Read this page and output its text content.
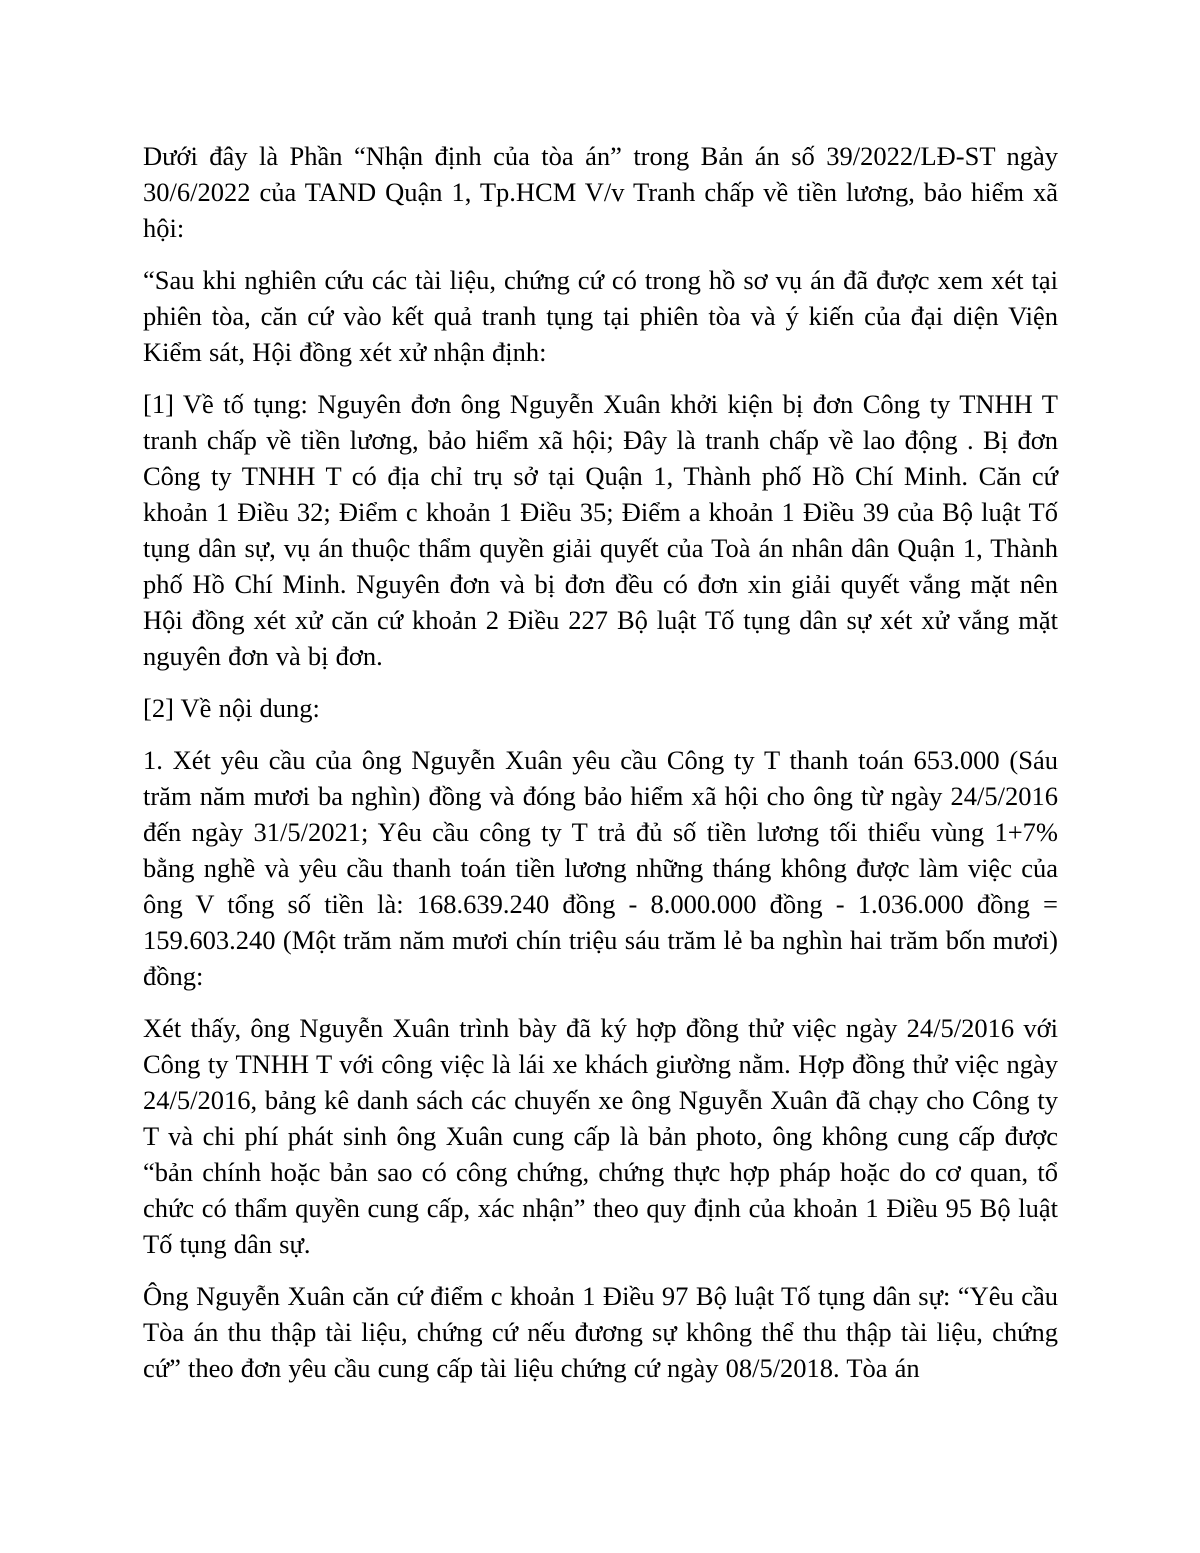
Dưới đây là Phần “Nhận định của tòa án” trong Bản án số 39/2022/LĐ-ST ngày 30/6/2022 của TAND Quận 1, Tp.HCM V/v Tranh chấp về tiền lương, bảo hiểm xã hội:

“Sau khi nghiên cứu các tài liệu, chứng cứ có trong hồ sơ vụ án đã được xem xét tại phiên tòa, căn cứ vào kết quả tranh tụng tại phiên tòa và ý kiến của đại diện Viện Kiểm sát, Hội đồng xét xử nhận định:

[1] Về tố tụng: Nguyên đơn ông Nguyễn Xuân khởi kiện bị đơn Công ty TNHH T tranh chấp về tiền lương, bảo hiểm xã hội; Đây là tranh chấp về lao động . Bị đơn Công ty TNHH T có địa chỉ trụ sở tại Quận 1, Thành phố Hồ Chí Minh. Căn cứ khoản 1 Điều 32; Điểm c khoản 1 Điều 35; Điểm a khoản 1 Điều 39 của Bộ luật Tố tụng dân sự, vụ án thuộc thẩm quyền giải quyết của Toà án nhân dân Quận 1, Thành phố Hồ Chí Minh. Nguyên đơn và bị đơn đều có đơn xin giải quyết vắng mặt nên Hội đồng xét xử căn cứ khoản 2 Điều 227 Bộ luật Tố tụng dân sự xét xử vắng mặt nguyên đơn và bị đơn.

[2] Về nội dung:

1. Xét yêu cầu của ông Nguyễn Xuân yêu cầu Công ty T thanh toán 653.000 (Sáu trăm năm mươi ba nghìn) đồng và đóng bảo hiểm xã hội cho ông từ ngày 24/5/2016 đến ngày 31/5/2021; Yêu cầu công ty T trả đủ số tiền lương tối thiểu vùng 1+7% bằng nghề và yêu cầu thanh toán tiền lương những tháng không được làm việc của ông V tổng số tiền là: 168.639.240 đồng - 8.000.000 đồng - 1.036.000 đồng = 159.603.240 (Một trăm năm mươi chín triệu sáu trăm lẻ ba nghìn hai trăm bốn mươi) đồng:

Xét thấy, ông Nguyễn Xuân trình bày đã ký hợp đồng thử việc ngày 24/5/2016 với Công ty TNHH T với công việc là lái xe khách giường nằm. Hợp đồng thử việc ngày 24/5/2016, bảng kê danh sách các chuyến xe ông Nguyễn Xuân đã chạy cho Công ty T và chi phí phát sinh ông Xuân cung cấp là bản photo, ông không cung cấp được “bản chính hoặc bản sao có công chứng, chứng thực hợp pháp hoặc do cơ quan, tổ chức có thẩm quyền cung cấp, xác nhận” theo quy định của khoản 1 Điều 95 Bộ luật Tố tụng dân sự.

Ông Nguyễn Xuân căn cứ điểm c khoản 1 Điều 97 Bộ luật Tố tụng dân sự: “Yêu cầu Tòa án thu thập tài liệu, chứng cứ nếu đương sự không thể thu thập tài liệu, chứng cứ” theo đơn yêu cầu cung cấp tài liệu chứng cứ ngày 08/5/2018. Tòa án
